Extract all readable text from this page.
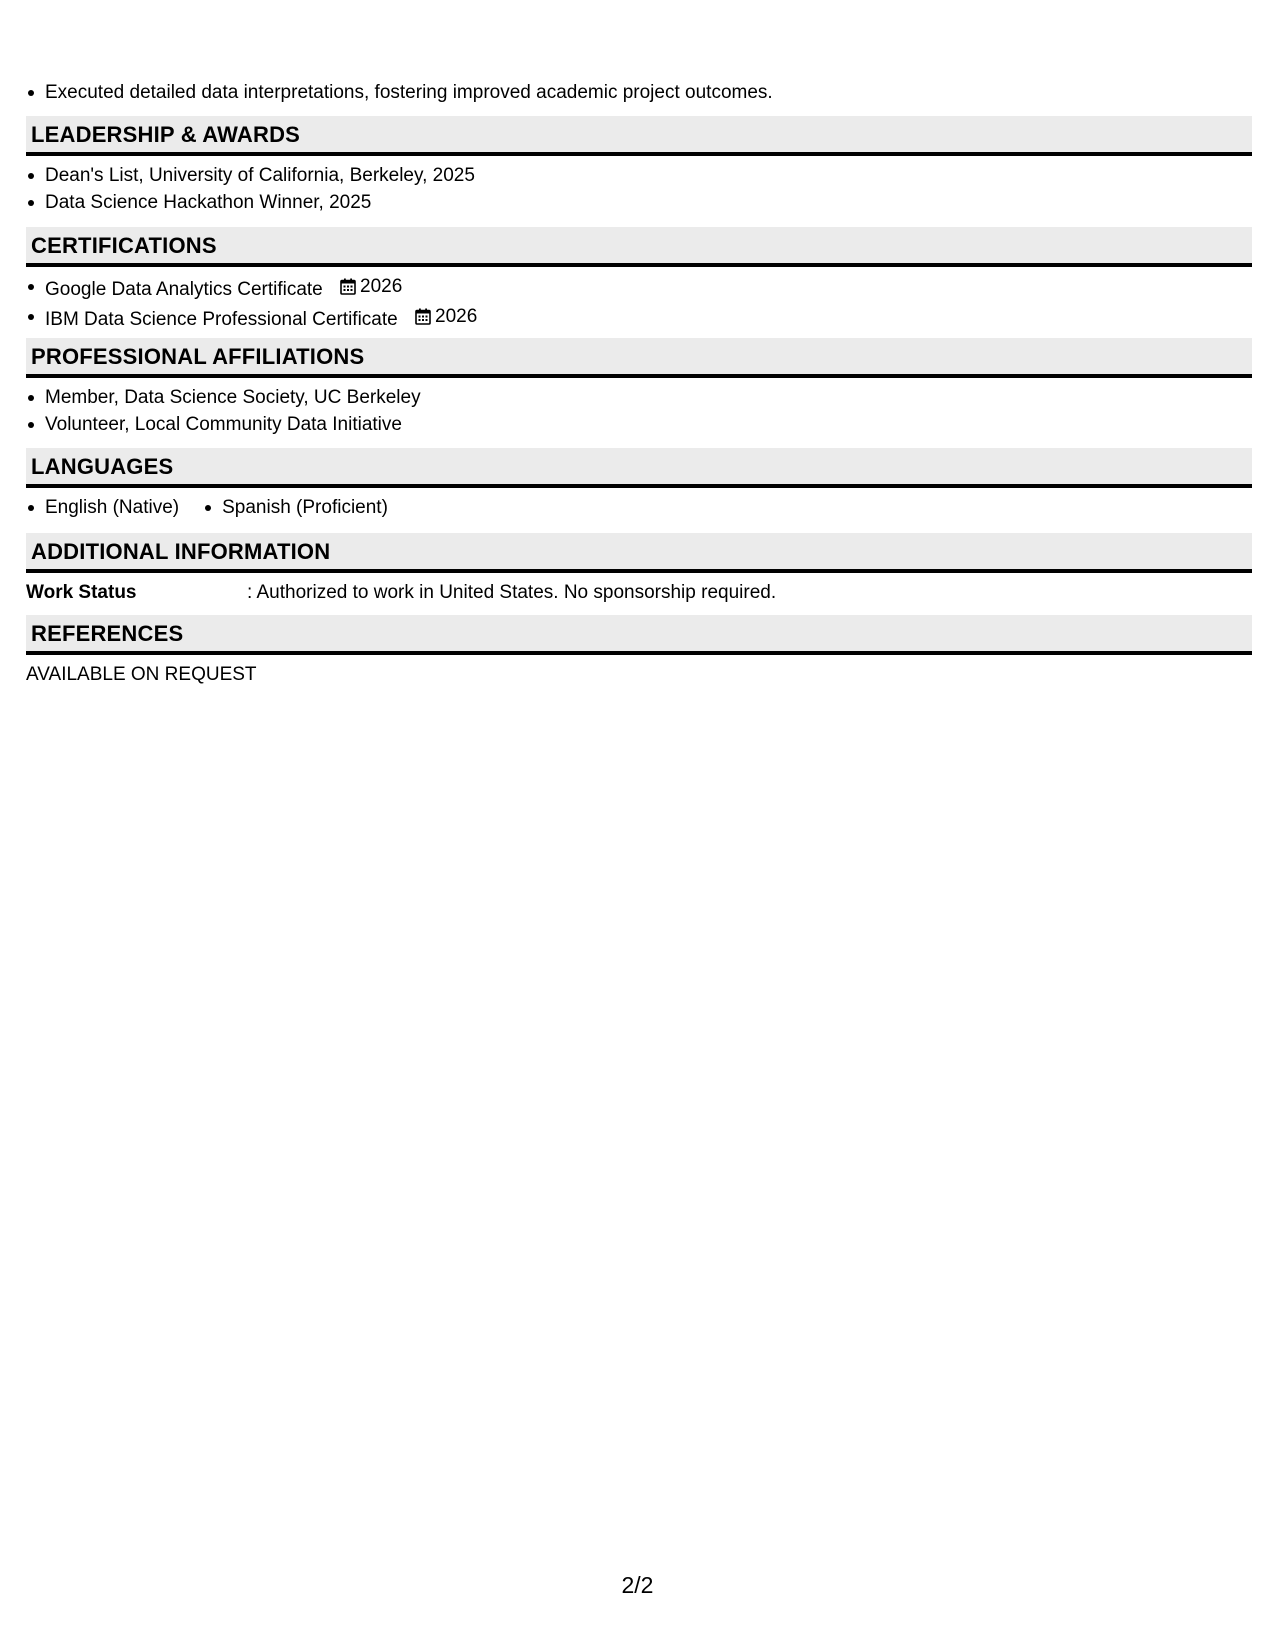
Executed detailed data interpretations, fostering improved academic project outcomes.
LEADERSHIP & AWARDS
Dean's List, University of California, Berkeley, 2025
Data Science Hackathon Winner, 2025
CERTIFICATIONS
Google Data Analytics Certificate 2026
IBM Data Science Professional Certificate 2026
PROFESSIONAL AFFILIATIONS
Member, Data Science Society, UC Berkeley
Volunteer, Local Community Data Initiative
LANGUAGES
English (Native)	Spanish (Proficient)
ADDITIONAL INFORMATION
Work Status	: Authorized to work in United States. No sponsorship required.
REFERENCES
AVAILABLE ON REQUEST
2/2
